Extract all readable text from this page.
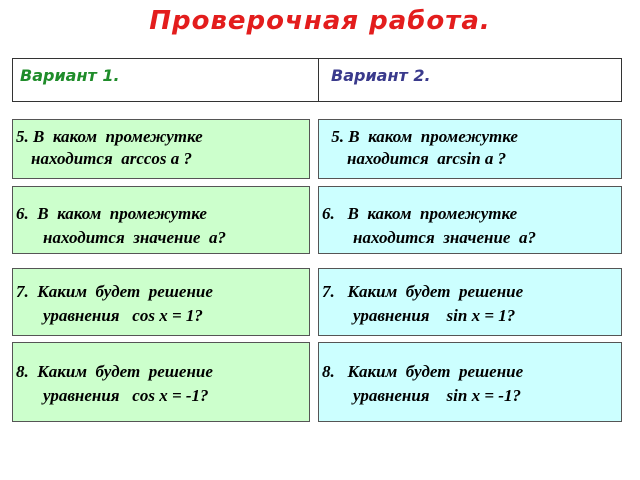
Проверочная работа.
Вариант 1.	Вариант 2.
5. В  каком  промежутке
находится  arccos a ?
6.  В  каком  промежутке
находится  значение  а?
7.  Каким  будет  решение
уравнения   cos x = 1?
8.  Каким  будет  решение
уравнения   cos x = -1?
5. В  каком  промежутке
находится  arcsin a ?
6.   В  каком  промежутке
находится  значение  а?
7.   Каким  будет  решение
уравнения    sin x = 1?
8.   Каким  будет  решение
уравнения    sin x = -1?
